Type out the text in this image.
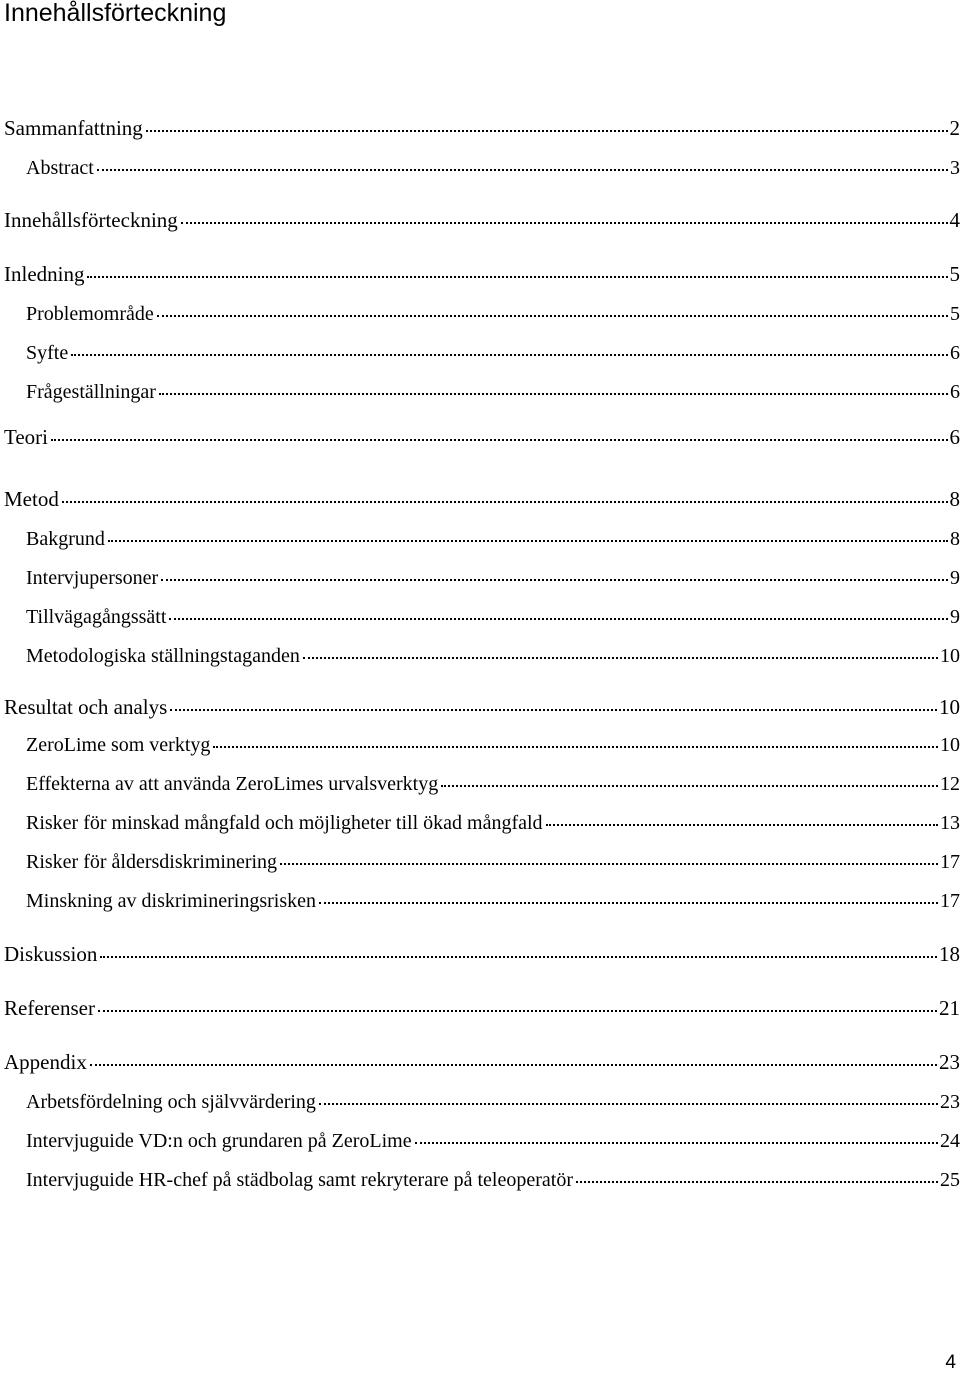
Innehållsförteckning
Sammanfattning	2
Abstract	3
Innehållsförteckning	4
Inledning	5
Problemområde	5
Syfte	6
Frågeställningar	6
Teori	6
Metod	8
Bakgrund	8
Intervjupersoner	9
Tillvägagångssätt	9
Metodologiska ställningstaganden	10
Resultat och analys	10
ZeroLime som verktyg	10
Effekterna av att använda ZeroLimes urvalsverktyg	12
Risker för minskad mångfald och möjligheter till ökad mångfald	13
Risker för åldersdiskriminering	17
Minskning av diskrimineringsrisken	17
Diskussion	18
Referenser	21
Appendix	23
Arbetsfördelning och självvärdering	23
Intervjuguide VD:n och grundaren på ZeroLime	24
Intervjuguide HR-chef på städbolag samt rekryterare på teleoperatör	25
4
